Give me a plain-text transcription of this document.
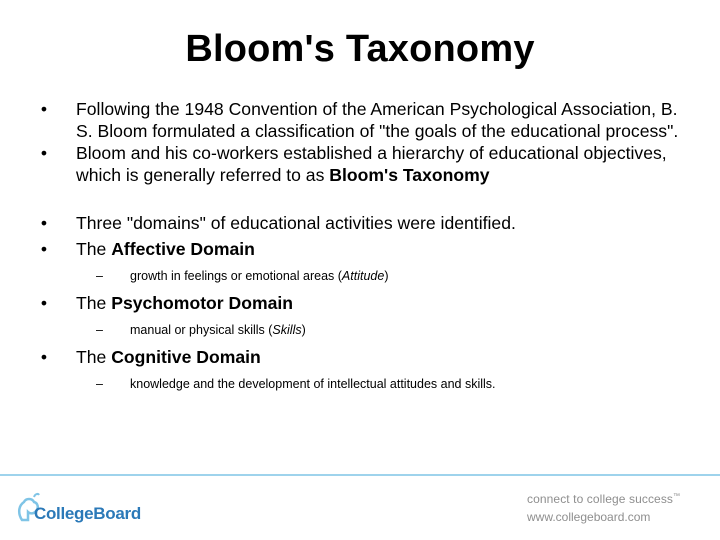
Bloom's Taxonomy
•	Following the 1948 Convention of the American Psychological Association, B. S. Bloom formulated a classification of "the goals of the educational process".
•	Bloom and his co-workers established a hierarchy of educational objectives, which is generally referred to as Bloom's Taxonomy
•	Three "domains" of educational activities were identified.
•	The Affective Domain
– growth in feelings or emotional areas (Attitude)
•	The Psychomotor Domain
– manual or physical skills (Skills)
•	The Cognitive Domain
– knowledge and the development of intellectual attitudes and skills.
CollegeBoard
connect to college success™
www.collegeboard.com
